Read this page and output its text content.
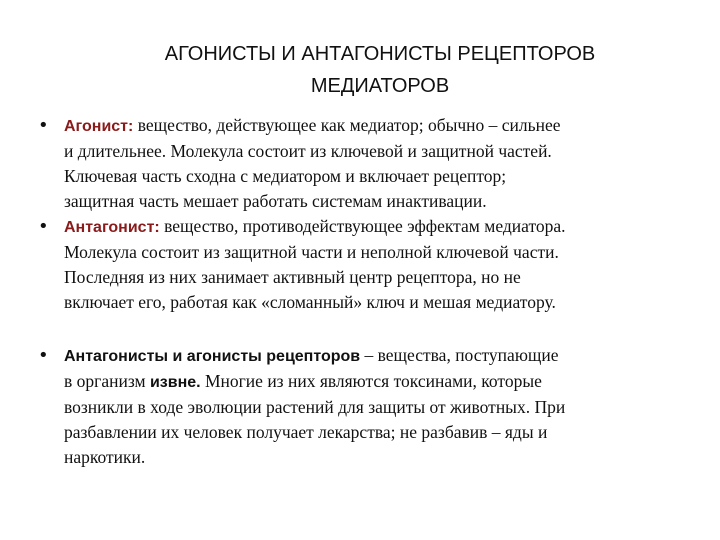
АГОНИСТЫ И АНТАГОНИСТЫ РЕЦЕПТОРОВ
МЕДИАТОРОВ
• Агонист: вещество, действующее как медиатор; обычно – сильнее
и длительнее. Молекула состоит из ключевой и защитной частей.
Ключевая часть сходна с медиатором и включает рецептор;
защитная часть мешает работать системам инактивации.
• Антагонист: вещество, противодействующее эффектам медиатора.
Молекула состоит из защитной части и неполной ключевой части.
Последняя из них занимает активный центр рецептора, но не
включает его, работая как «сломанный» ключ и мешая медиатору.
• Антагонисты и агонисты рецепторов – вещества, поступающие
в организм извне. Многие из них являются токсинами, которые
возникли в ходе эволюции растений для защиты от животных. При
разбавлении их человек получает лекарства; не разбавив – яды и
наркотики.
